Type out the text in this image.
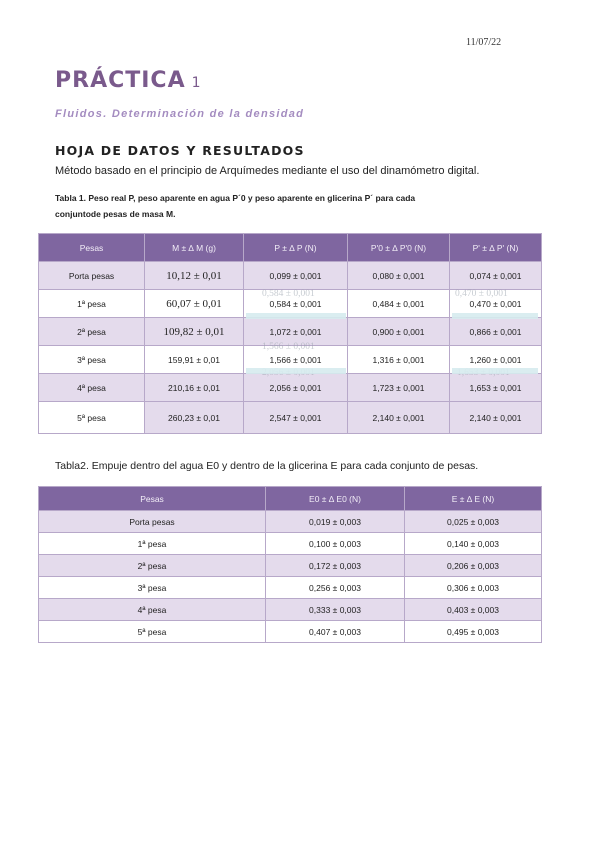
11/07/22
PRÁCTICA 1
Fluidos. Determinación de la densidad
HOJA DE DATOS Y RESULTADOS
Método basado en el principio de Arquímedes mediante el uso del dinamómetro digital.
Tabla 1. Peso real P, peso aparente en agua P´0 y peso aparente en glicerina P´ para cada
conjuntode pesas de masa M.
Pesas	M ± ∆ M (g)	P ± ∆ P (N)	P'0 ± ∆ P'0 (N)	P' ± ∆ P' (N)
Porta pesas	10,12 ± 0,01	0,099 ± 0,001	0,080 ± 0,001	0,074 ± 0,001
1ª pesa	60,07 ± 0,01	0,584 ± 0,001	0,484 ± 0,001	0,470 ± 0,001
2ª pesa	109,82 ± 0,01	1,072 ± 0,001	0,900 ± 0,001	0,866 ± 0,001
3ª pesa	159,91 ± 0,01	1,566 ± 0,001	1,316 ± 0,001	1,260 ± 0,001
4ª pesa	210,16 ± 0,01	2,056 ± 0,001	1,723 ± 0,001	1,653 ± 0,001
5ª pesa	260,23 ± 0,01	2,547 ± 0,001	2,140 ± 0,001	2,140 ± 0,001
0,584 ± 0,001	0,470 ± 0,001
1,566 ± 0,001
Tabla2. Empuje dentro del agua E0 y dentro de la glicerina E para cada conjunto de pesas.
Pesas	E0 ± ∆ E0 (N)	E ± ∆ E (N)
Porta pesas	0,019 ± 0,003	0,025 ± 0,003
1ª pesa	0,100 ± 0,003	0,140 ± 0,003
2ª pesa	0,172 ± 0,003	0,206 ± 0,003
3ª pesa	0,256 ± 0,003	0,306 ± 0,003
4ª pesa	0,333 ± 0,003	0,403 ± 0,003
5ª pesa	0,407 ± 0,003	0,495 ± 0,003
